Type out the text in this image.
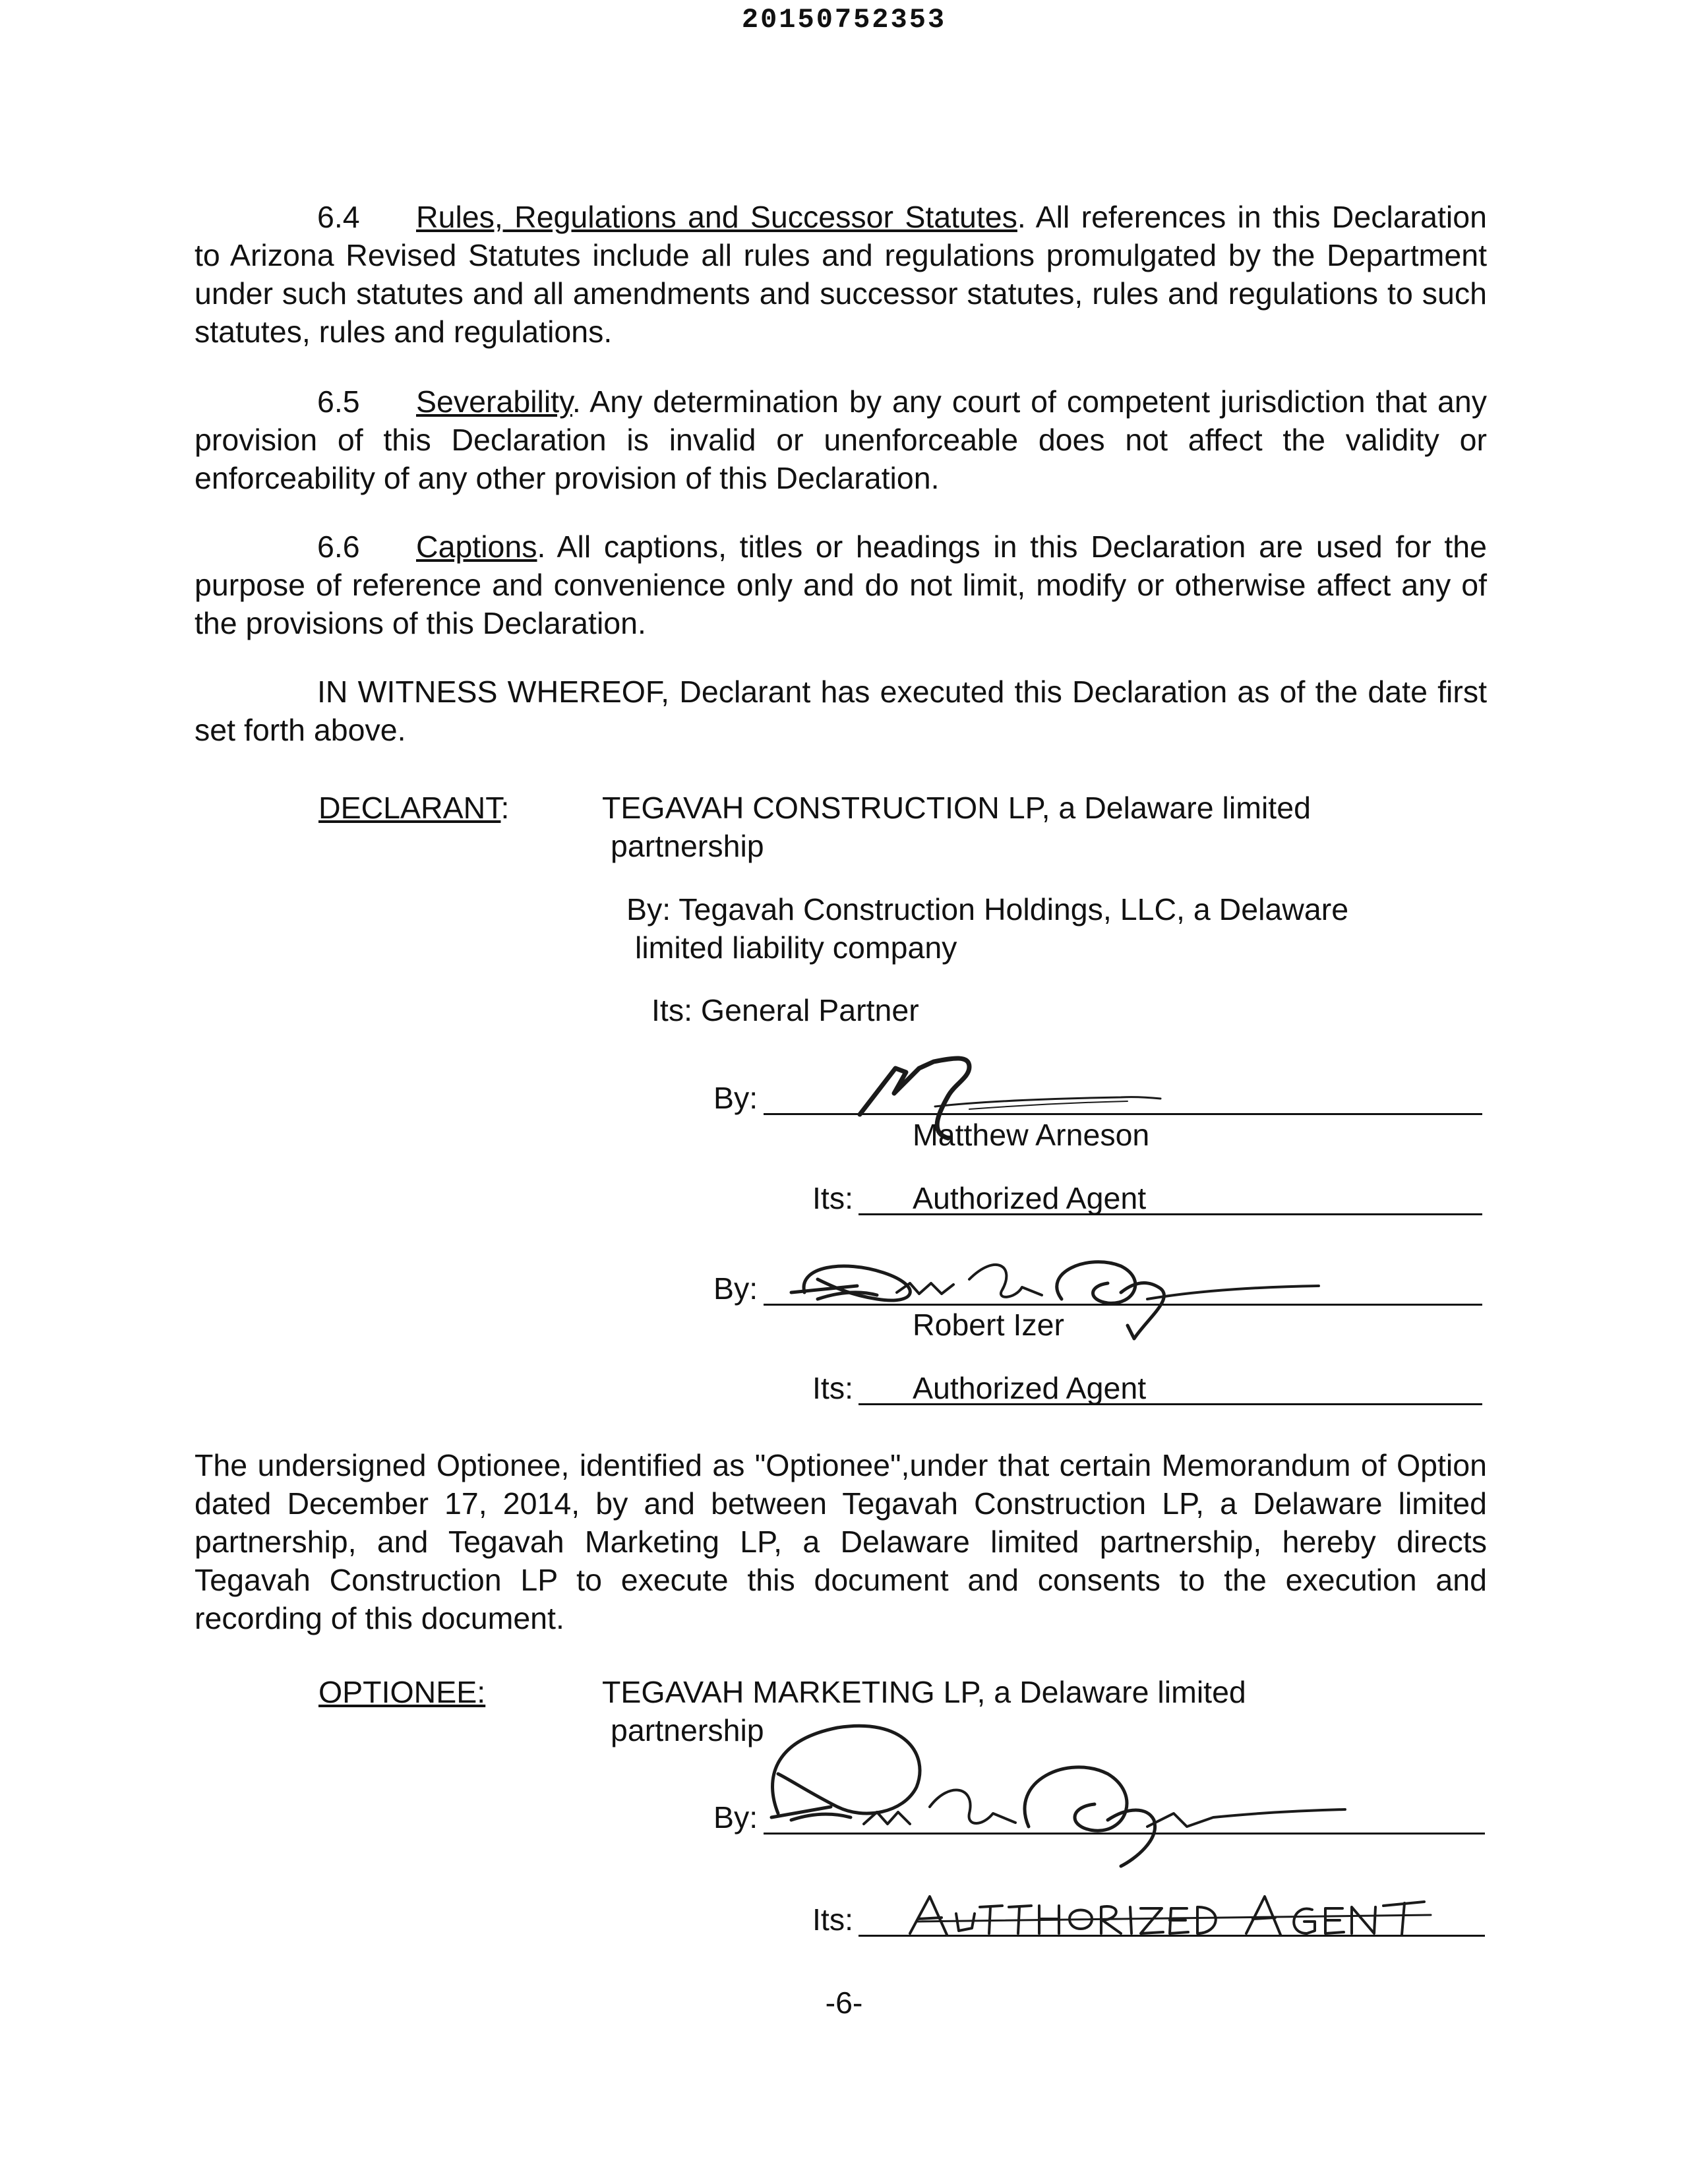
20150752353
6.4 Rules, Regulations and Successor Statutes. All references in this Declaration to Arizona Revised Statutes include all rules and regulations promulgated by the Department under such statutes and all amendments and successor statutes, rules and regulations to such statutes, rules and regulations.
6.5 Severability. Any determination by any court of competent jurisdiction that any provision of this Declaration is invalid or unenforceable does not affect the validity or enforceability of any other provision of this Declaration.
6.6 Captions. All captions, titles or headings in this Declaration are used for the purpose of reference and convenience only and do not limit, modify or otherwise affect any of the provisions of this Declaration.
IN WITNESS WHEREOF, Declarant has executed this Declaration as of the date first set forth above.
DECLARANT:	TEGAVAH CONSTRUCTION LP, a Delaware limited
partnership
By: Tegavah Construction Holdings, LLC, a Delaware
limited liability company
Its: General Partner
By:
Matthew Arneson
Its: Authorized Agent
By:
Robert Izer
Its: Authorized Agent
The undersigned Optionee, identified as "Optionee",under that certain Memorandum of Option dated December 17, 2014, by and between Tegavah Construction LP, a Delaware limited partnership, and Tegavah Marketing LP, a Delaware limited partnership, hereby directs Tegavah Construction LP to execute this document and consents to the execution and recording of this document.
OPTIONEE:	TEGAVAH MARKETING LP, a Delaware limited
partnership
By:
Its:
-6-
